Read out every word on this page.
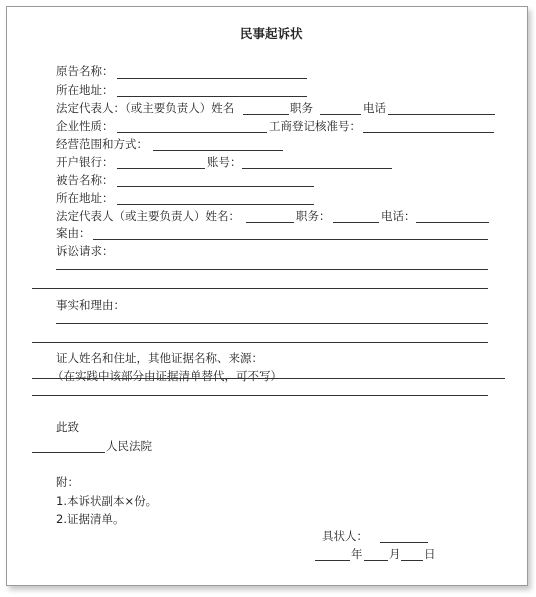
民事起诉状
原告名称：
所在地址：
法定代表人：（或主要负责人）姓名	职务	电话
企业性质：	工商登记核准号：
经营范围和方式：
开户银行：	账号：
被告名称：
所在地址：
法定代表人（或主要负责人）姓名：	职务：	电话：
案由：
诉讼请求：
事实和理由：
证人姓名和住址，其他证据名称、来源：
（在实践中该部分由证据清单替代，可不写）
此致
人民法院
附：
1.本诉状副本×份。
2.证据清单。
具状人：
年 月 日
